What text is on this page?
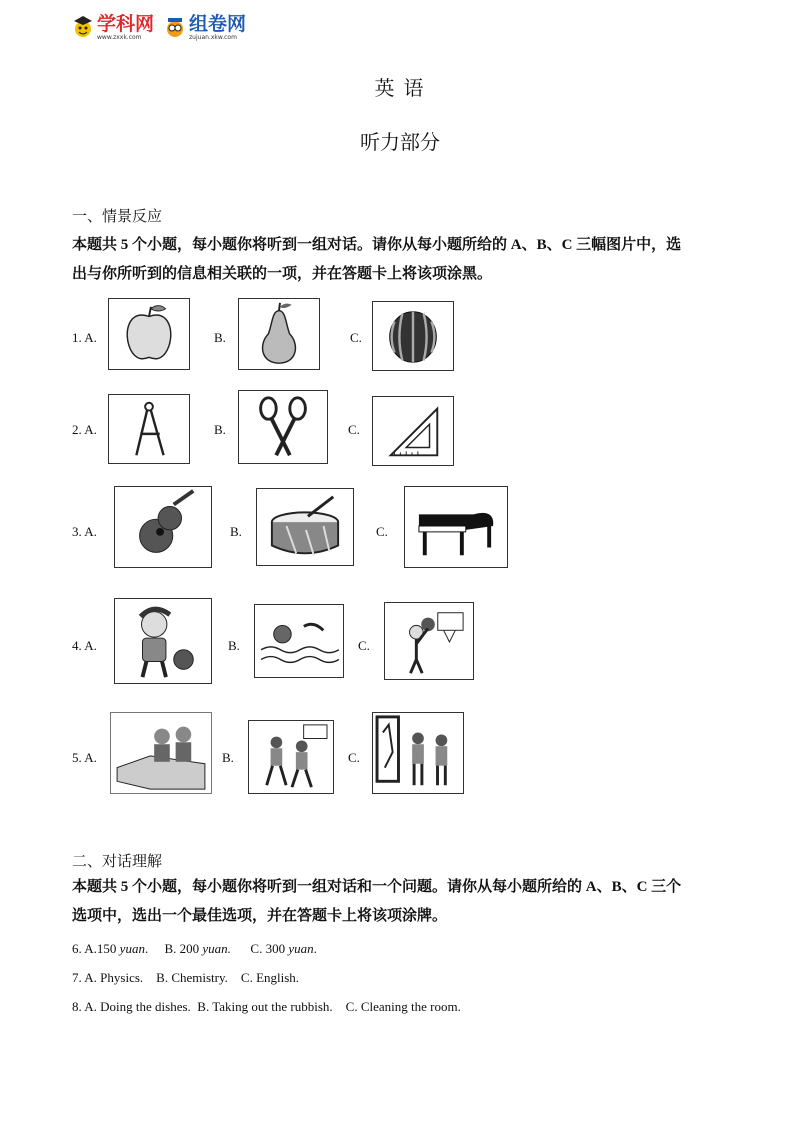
学科网
www.zxxk.com
组卷网
zujuan.xkw.com
英 语
听力部分
一、情景反应
本题共 5 个小题，每小题你将听到一组对话。请你从每小题所给的 A、B、C 三幅图片中，选
出与你所听到的信息相关联的一项，并在答题卡上将该项涂黑。
1. A.	B.	C.
2. A.	B.	C.
3. A.	B.	C.
4. A.	B.	C.
5. A.	B.	C.
二、对话理解
本题共 5 个小题，每小题你将听到一组对话和一个问题。请你从每小题所给的 A、B、C 三个
选项中，选出一个最佳选项，并在答题卡上将该项涂牌。
6. A.150 yuan. B. 200 yuan. C. 300 yuan.
7. A. Physics.    B. Chemistry.    C. English.
8. A. Doing the dishes.  B. Taking out the rubbish.    C. Cleaning the room.
